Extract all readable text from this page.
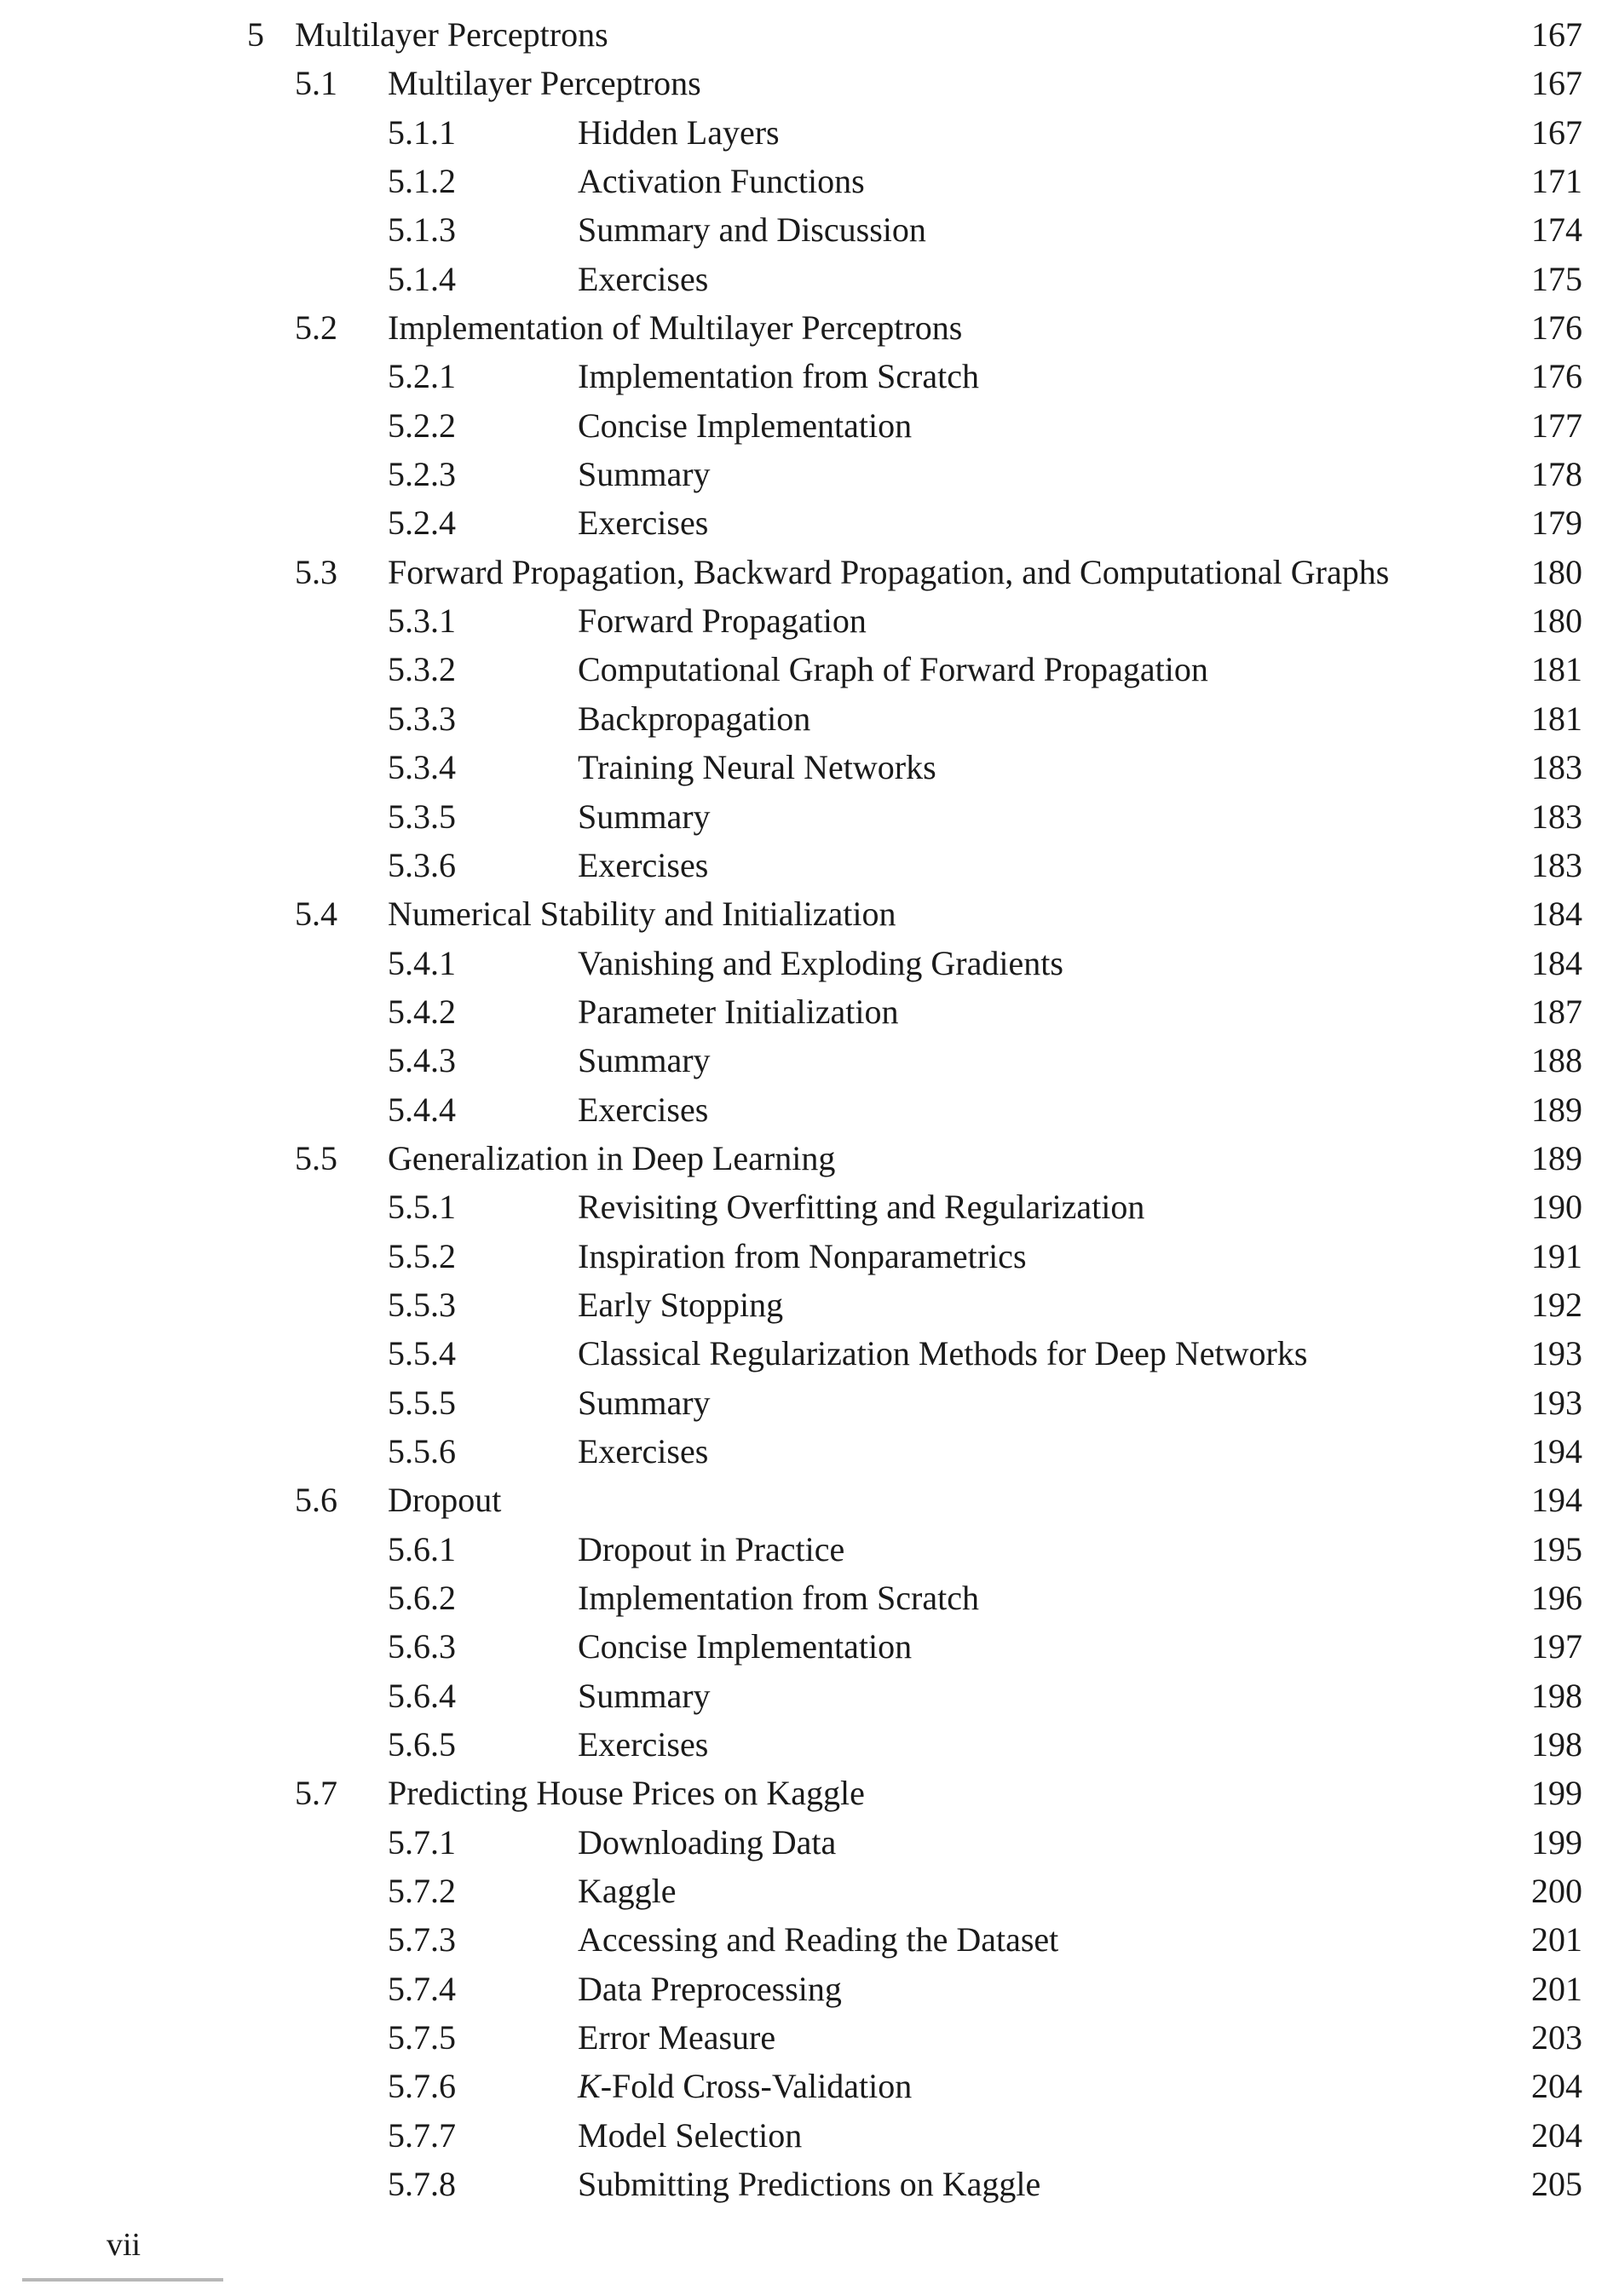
5 Multilayer Perceptrons	167
5.1 Multilayer Perceptrons	167
5.1.1	Hidden Layers	167
5.1.2	Activation Functions	171
5.1.3	Summary and Discussion	174
5.1.4	Exercises	175
5.2 Implementation of Multilayer Perceptrons	176
5.2.1	Implementation from Scratch	176
5.2.2	Concise Implementation	177
5.2.3	Summary	178
5.2.4	Exercises	179
5.3 Forward Propagation, Backward Propagation, and Computational Graphs	180
5.3.1	Forward Propagation	180
5.3.2	Computational Graph of Forward Propagation	181
5.3.3	Backpropagation	181
5.3.4	Training Neural Networks	183
5.3.5	Summary	183
5.3.6	Exercises	183
5.4 Numerical Stability and Initialization	184
5.4.1	Vanishing and Exploding Gradients	184
5.4.2	Parameter Initialization	187
5.4.3	Summary	188
5.4.4	Exercises	189
5.5 Generalization in Deep Learning	189
5.5.1	Revisiting Overfitting and Regularization	190
5.5.2	Inspiration from Nonparametrics	191
5.5.3	Early Stopping	192
5.5.4	Classical Regularization Methods for Deep Networks	193
5.5.5	Summary	193
5.5.6	Exercises	194
5.6 Dropout	194
5.6.1	Dropout in Practice	195
5.6.2	Implementation from Scratch	196
5.6.3	Concise Implementation	197
5.6.4	Summary	198
5.6.5	Exercises	198
5.7 Predicting House Prices on Kaggle	199
5.7.1	Downloading Data	199
5.7.2	Kaggle	200
5.7.3	Accessing and Reading the Dataset	201
5.7.4	Data Preprocessing	201
5.7.5	Error Measure	203
5.7.6	K-Fold Cross-Validation	204
5.7.7	Model Selection	204
5.7.8	Submitting Predictions on Kaggle	205
vii
